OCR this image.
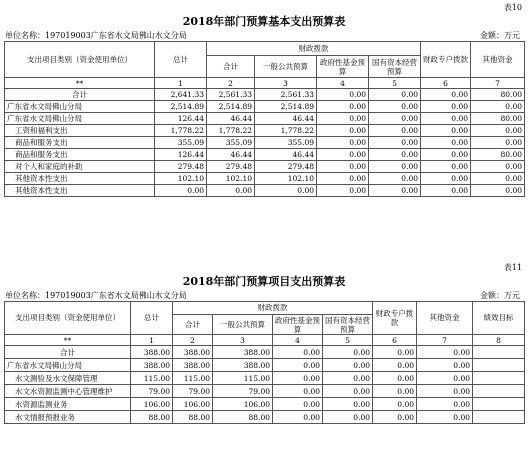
表10
2018年部门预算基本支出预算表
单位名称：197019003广东省水文局佛山水文分局	金额：万元
支出项目类别（资金使用单位）	总计	财政拨款				财政专户拨款	其他资金
		合计	一般公共预算	政府性基金预算	国有资本经营预算		
**	1	2	3	4	5	6	7
合计	2,641.33	2,561.33	2,561.33	0.00	0.00	0.00	80.00
广东省水文局佛山分局	2,514.89	2,514.89	2,514.89	0.00	0.00	0.00	0.00
广东省水文局佛山分局	126.44	46.44	46.44	0.00	0.00	0.00	80.00
工资和福利支出	1,778.22	1,778.22	1,778.22	0.00	0.00	0.00	0.00
商品和服务支出	355.09	355.09	355.09	0.00	0.00	0.00	0.00
商品和服务支出	126.44	46.44	46.44	0.00	0.00	0.00	80.00
对个人和家庭的补助	279.48	279.48	279.48	0.00	0.00	0.00	0.00
其他资本性支出	102.10	102.10	102.10	0.00	0.00	0.00	0.00
其他资本性支出	0.00	0.00	0.00	0.00	0.00	0.00	0.00
表11
2018年部门预算项目支出预算表
单位名称：197019003广东省水文局佛山水文分局	金额：万元
支出项目类别（资金使用单位）	总计	财政拨款				财政专户拨款	其他资金	绩效目标
		合计	一般公共预算	政府性基金预算	国有资本经营预算			
**	1	2	3	4	5	6	7	8
合计	388.00	388.00	388.00	0.00	0.00	0.00	0.00	
广东省水文局佛山分局	388.00	388.00	388.00	0.00	0.00	0.00	0.00	
水文测验及水文保障管理	115.00	115.00	115.00	0.00	0.00	0.00	0.00	
水文水资源监测中心管理维护	79.00	79.00	79.00	0.00	0.00	0.00	0.00	
水资源监测业务	106.00	106.00	106.00	0.00	0.00	0.00	0.00	
水文情报预报业务	88.00	88.00	88.00	0.00	0.00	0.00	0.00	
